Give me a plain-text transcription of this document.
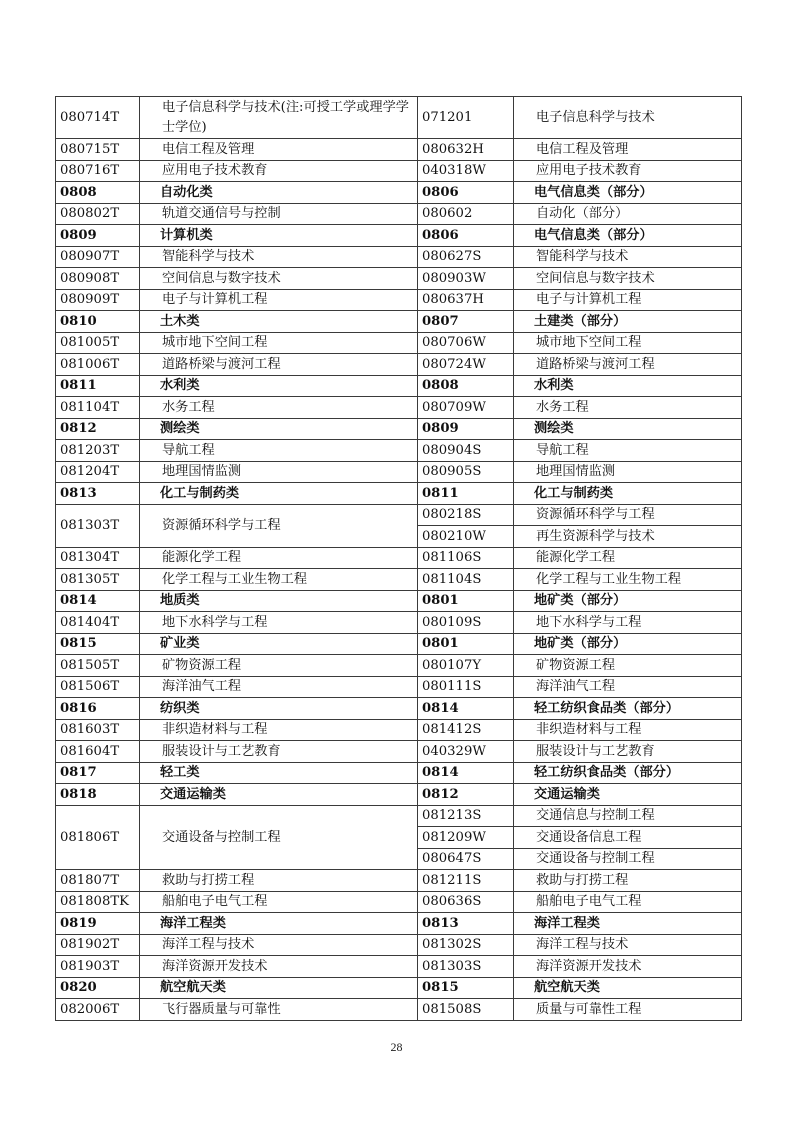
080714T	电子信息科学与技术(注:可授工学或理学学士学位)	071201	电子信息科学与技术
080715T	电信工程及管理	080632H	电信工程及管理
080716T	应用电子技术教育	040318W	应用电子技术教育
0808	自动化类	0806	电气信息类（部分）
080802T	轨道交通信号与控制	080602	自动化（部分）
0809	计算机类	0806	电气信息类（部分）
080907T	智能科学与技术	080627S	智能科学与技术
080908T	空间信息与数字技术	080903W	空间信息与数字技术
080909T	电子与计算机工程	080637H	电子与计算机工程
0810	土木类	0807	土建类（部分）
081005T	城市地下空间工程	080706W	城市地下空间工程
081006T	道路桥梁与渡河工程	080724W	道路桥梁与渡河工程
0811	水利类	0808	水利类
081104T	水务工程	080709W	水务工程
0812	测绘类	0809	测绘类
081203T	导航工程	080904S	导航工程
081204T	地理国情监测	080905S	地理国情监测
0813	化工与制药类	0811	化工与制药类
081303T	资源循环科学与工程	080218S	资源循环科学与工程
		080210W	再生资源科学与技术
081304T	能源化学工程	081106S	能源化学工程
081305T	化学工程与工业生物工程	081104S	化学工程与工业生物工程
0814	地质类	0801	地矿类（部分）
081404T	地下水科学与工程	080109S	地下水科学与工程
0815	矿业类	0801	地矿类（部分）
081505T	矿物资源工程	080107Y	矿物资源工程
081506T	海洋油气工程	080111S	海洋油气工程
0816	纺织类	0814	轻工纺织食品类（部分）
081603T	非织造材料与工程	081412S	非织造材料与工程
081604T	服装设计与工艺教育	040329W	服装设计与工艺教育
0817	轻工类	0814	轻工纺织食品类（部分）
0818	交通运输类	0812	交通运输类
081806T	交通设备与控制工程	081213S	交通信息与控制工程
		081209W	交通设备信息工程
		080647S	交通设备与控制工程
081807T	救助与打捞工程	081211S	救助与打捞工程
081808TK	船舶电子电气工程	080636S	船舶电子电气工程
0819	海洋工程类	0813	海洋工程类
081902T	海洋工程与技术	081302S	海洋工程与技术
081903T	海洋资源开发技术	081303S	海洋资源开发技术
0820	航空航天类	0815	航空航天类
082006T	飞行器质量与可靠性	081508S	质量与可靠性工程
28
